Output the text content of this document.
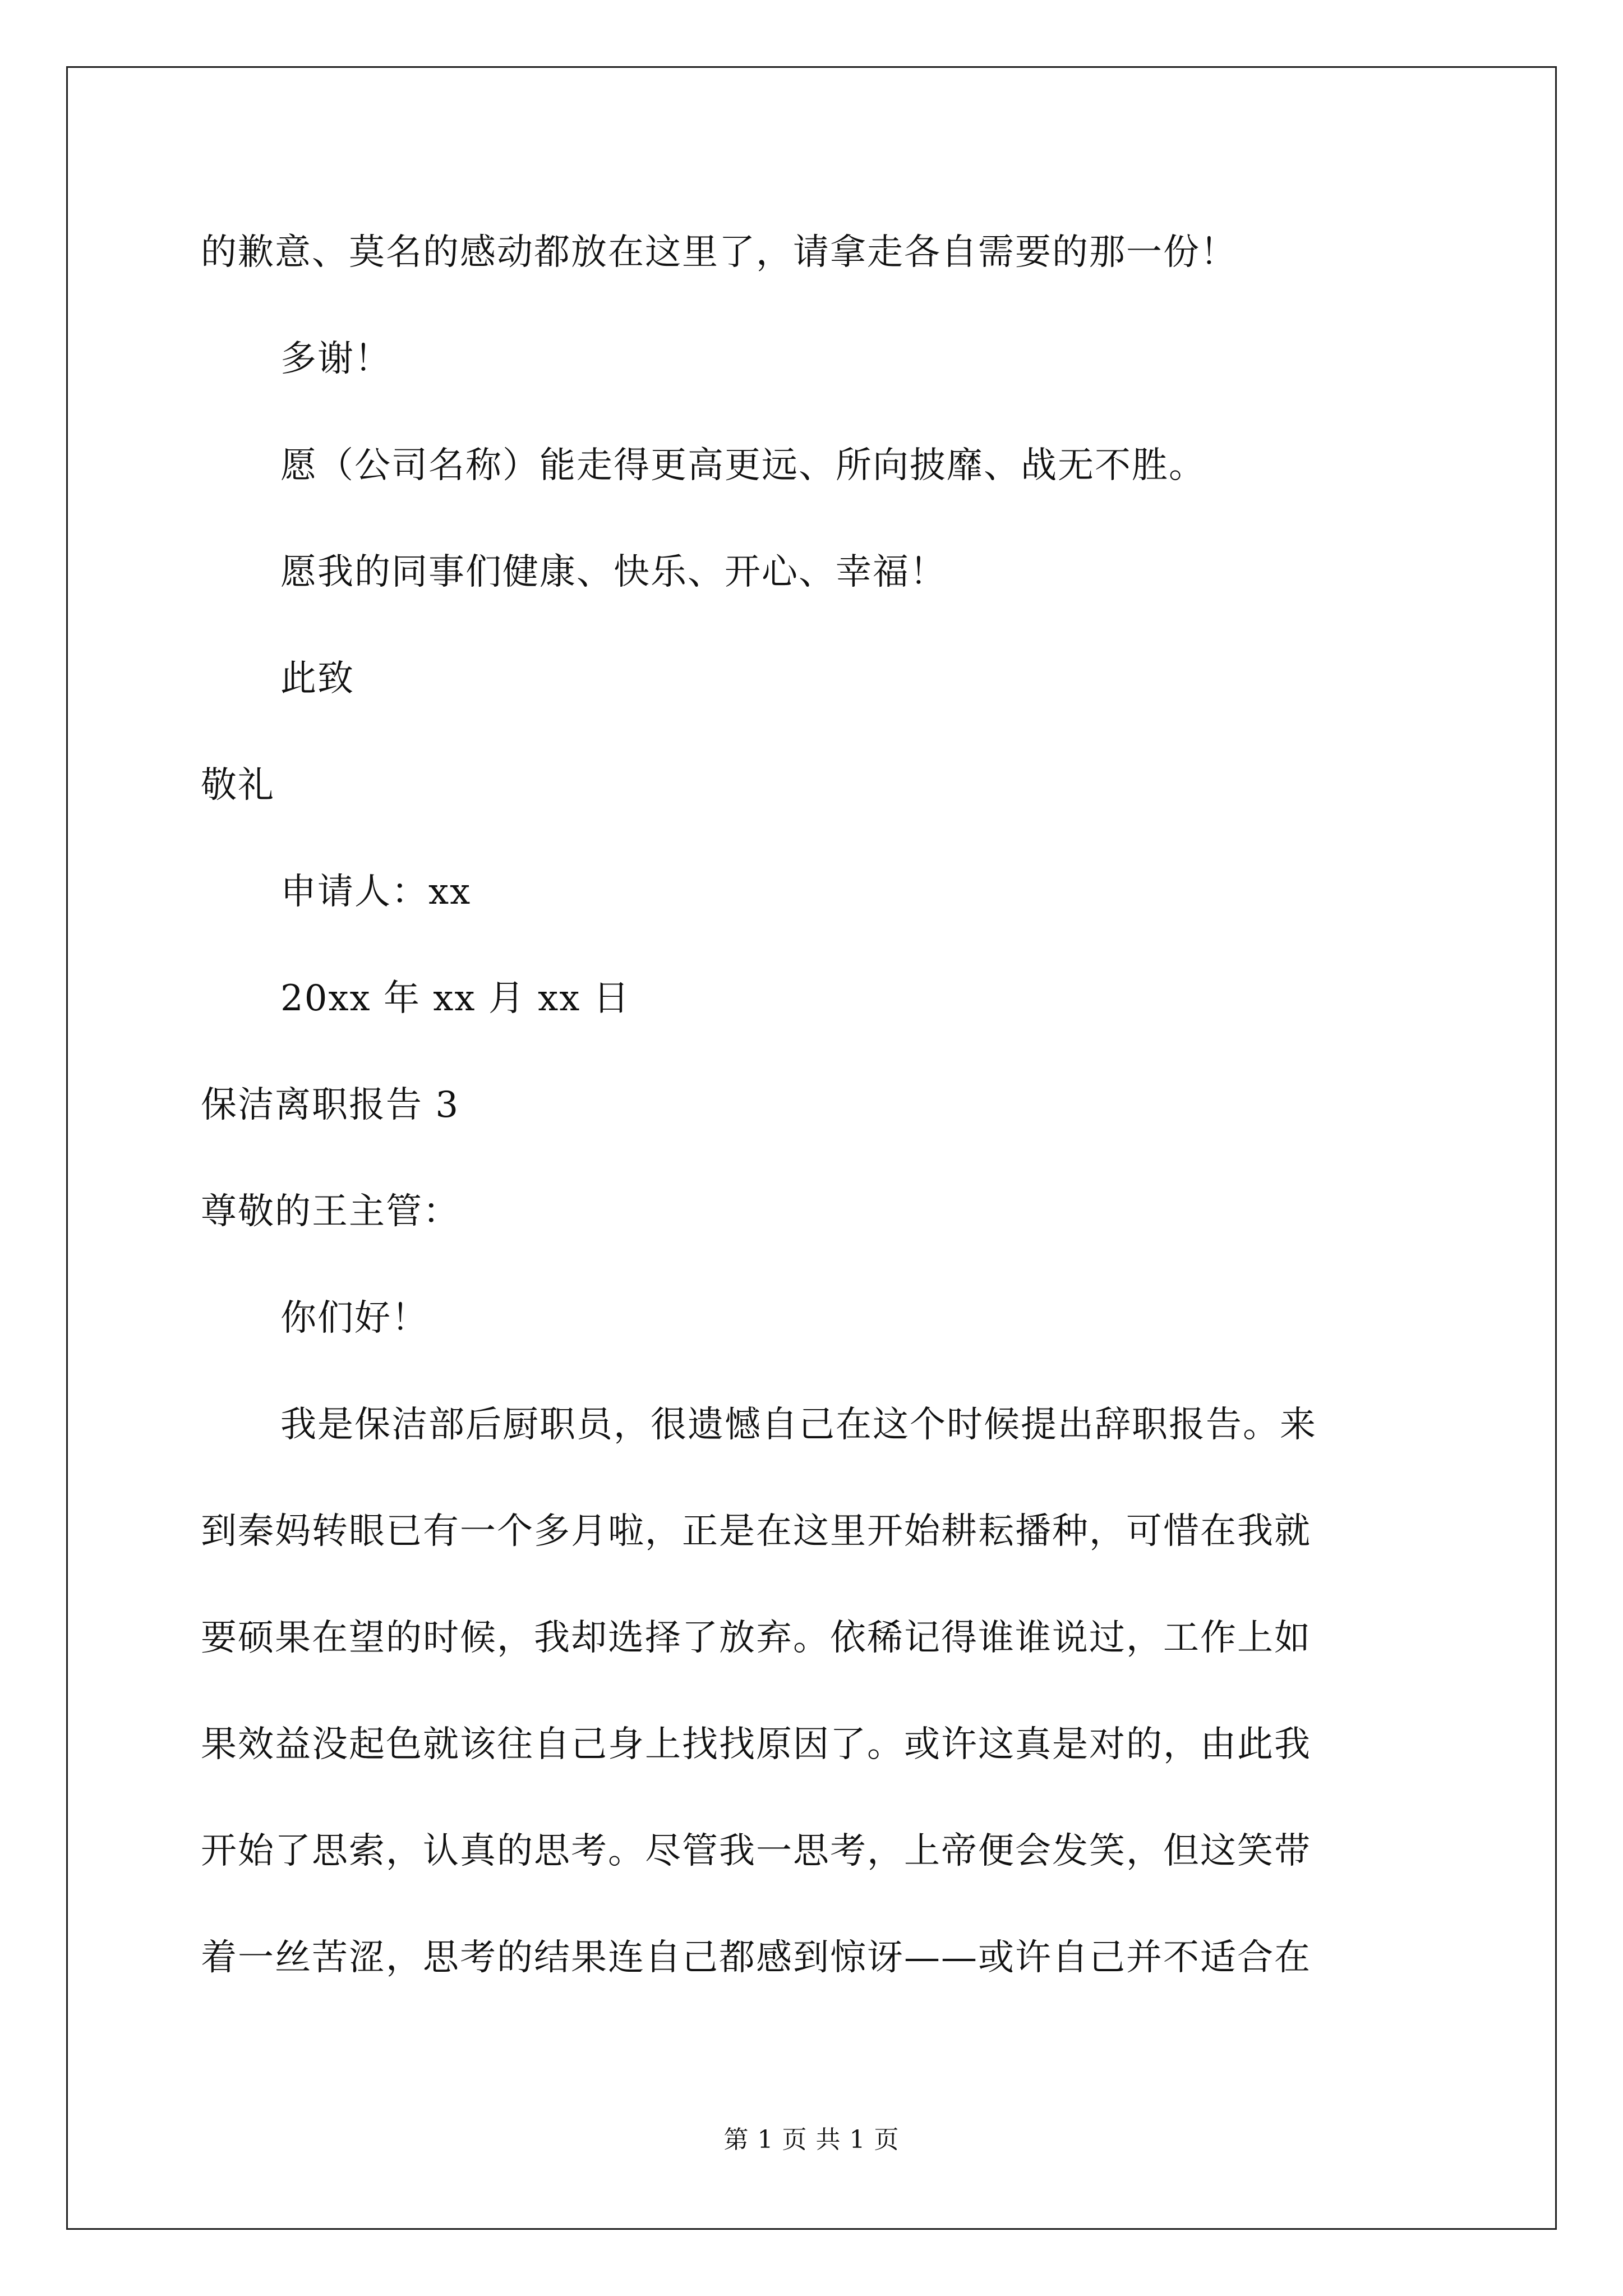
的歉意、莫名的感动都放在这里了，请拿走各自需要的那一份！
多谢！
愿（公司名称）能走得更高更远、所向披靡、战无不胜。
愿我的同事们健康、快乐、开心、幸福！
此致
敬礼
申请人：xx
20xx 年 xx 月 xx 日
保洁离职报告 3
尊敬的王主管：
你们好！
我是保洁部后厨职员，很遗憾自己在这个时候提出辞职报告。来
到秦妈转眼已有一个多月啦，正是在这里开始耕耘播种，可惜在我就
要硕果在望的时候，我却选择了放弃。依稀记得谁谁说过，工作上如
果效益没起色就该往自己身上找找原因了。或许这真是对的，由此我
开始了思索，认真的思考。尽管我一思考，上帝便会发笑，但这笑带
着一丝苦涩，思考的结果连自己都感到惊讶——或许自己并不适合在
第 1 页 共 1 页
